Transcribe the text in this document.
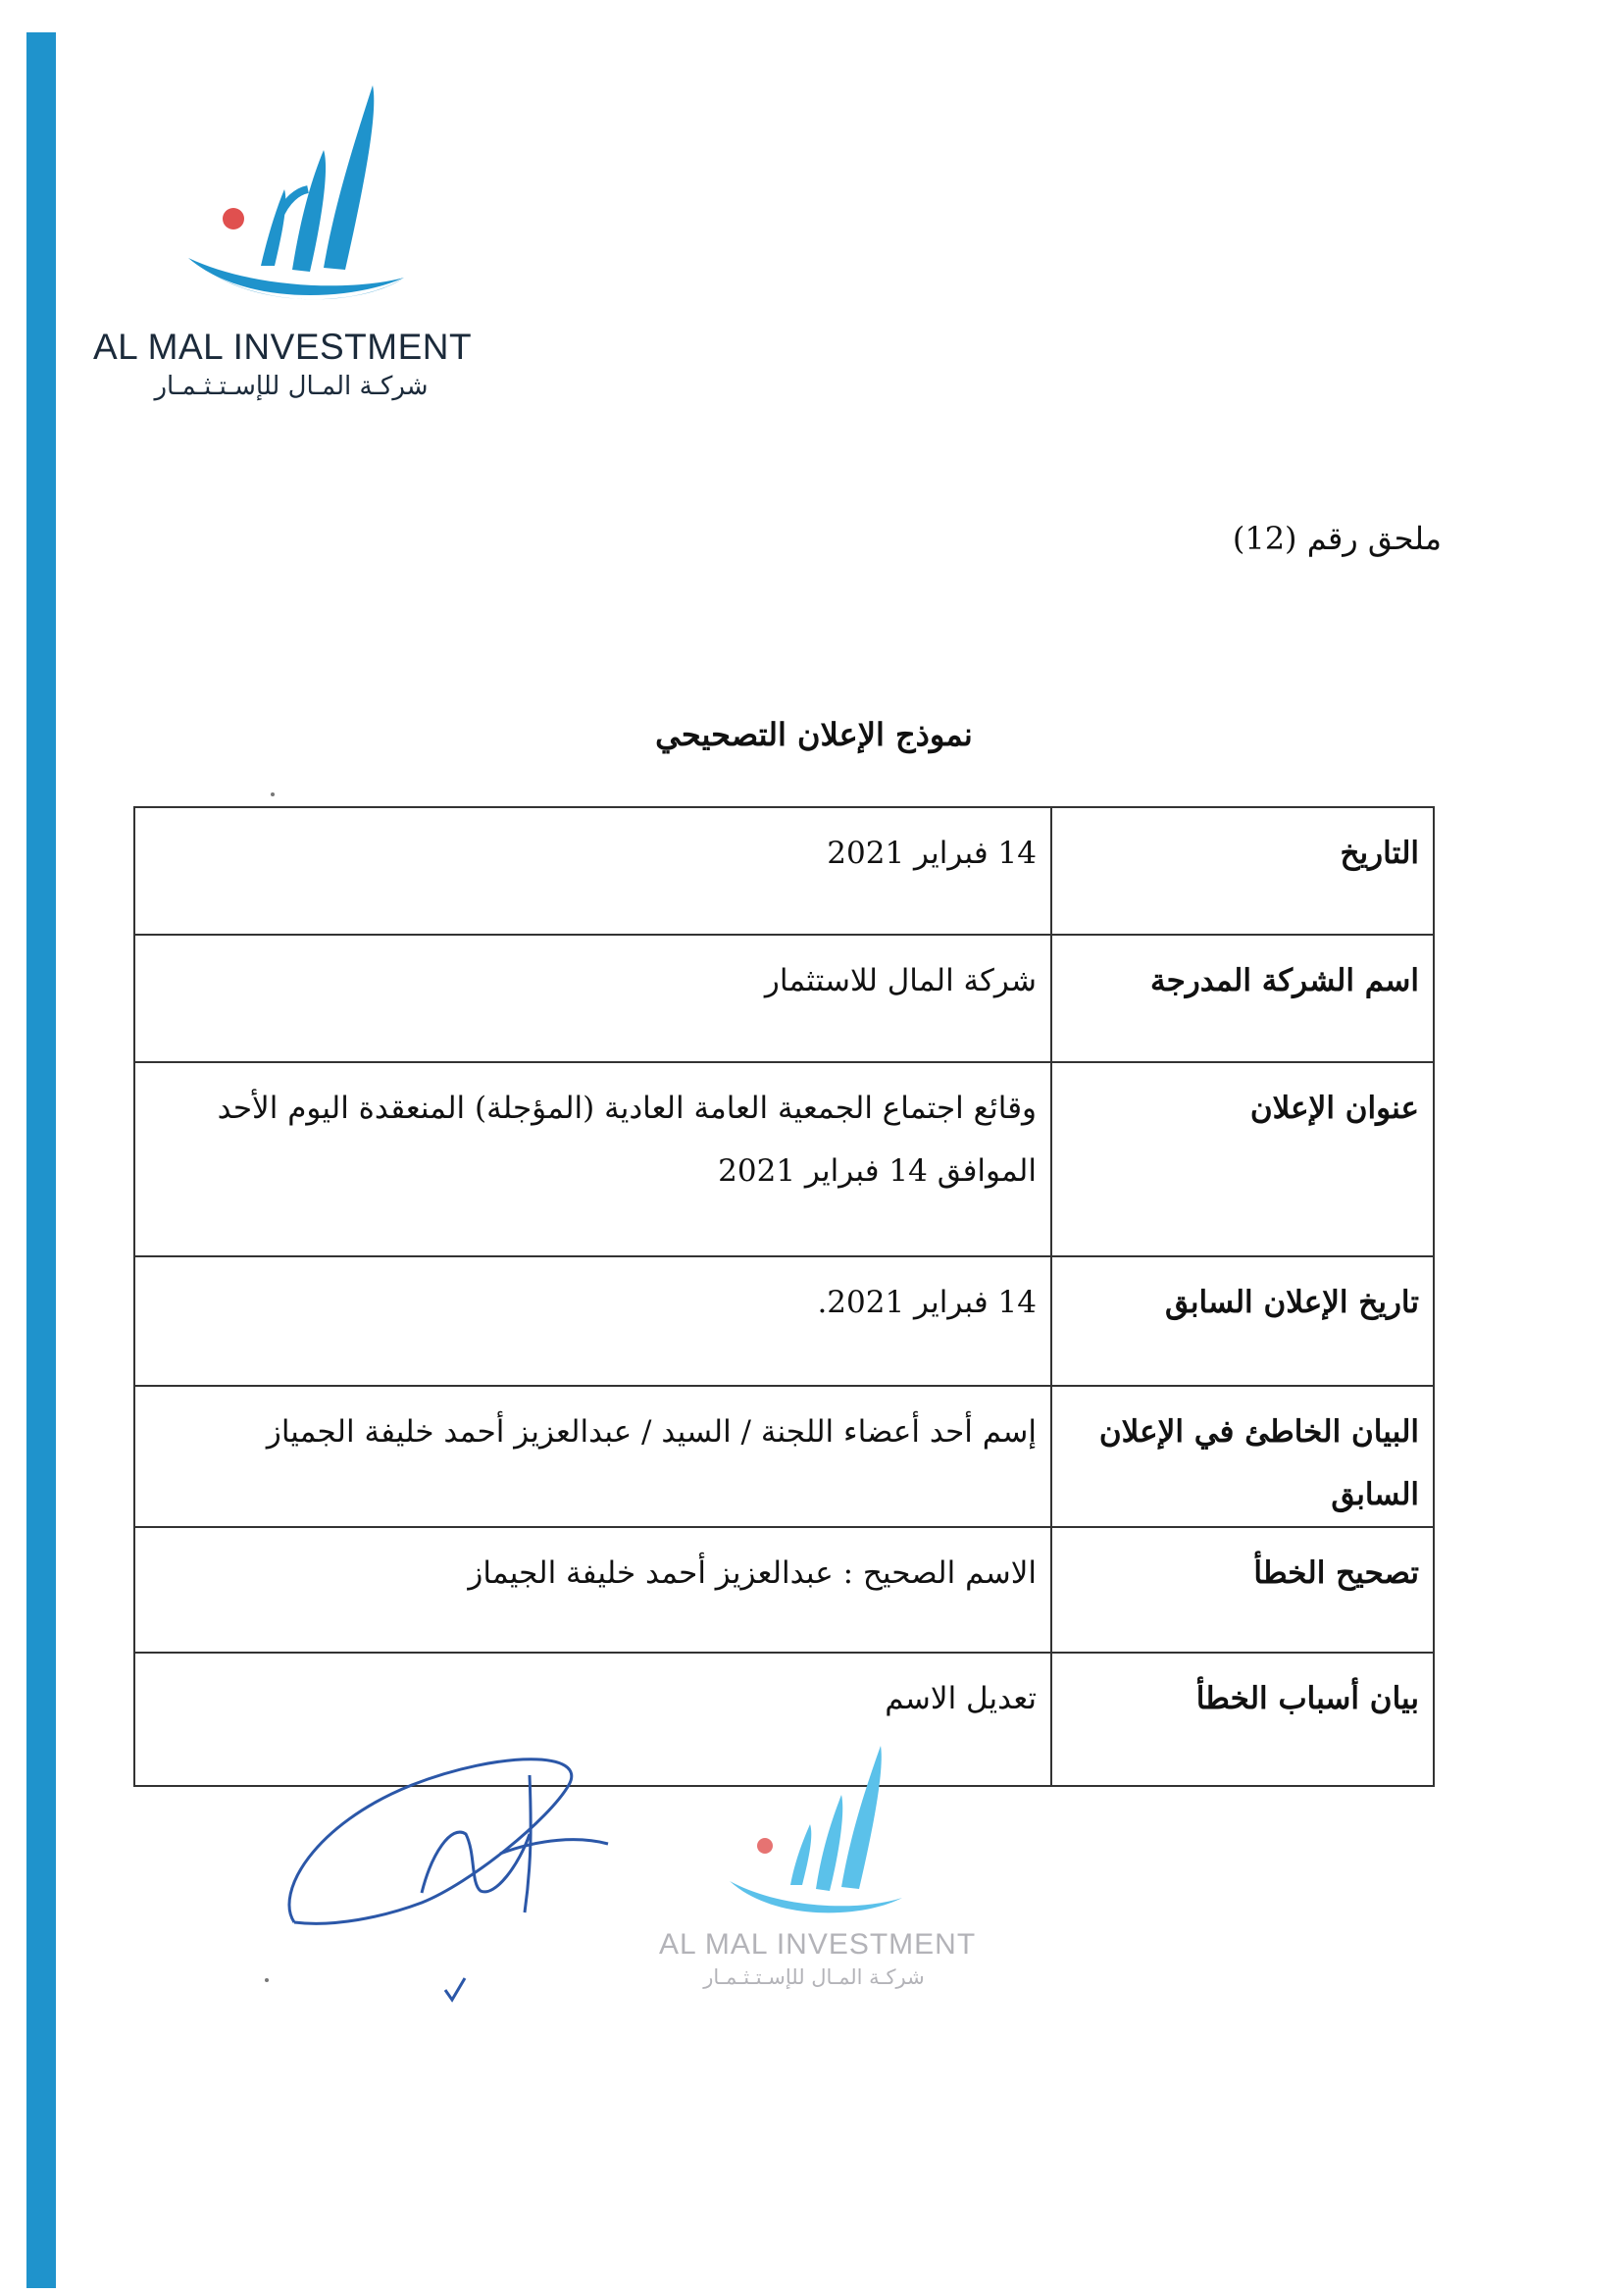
AL MAL INVESTMENT
شركـة المـال للإسـتـثـمـار
ملحق رقم (12)
نموذج الإعلان التصحيحي
التاريخ	14 فبراير 2021
اسم الشركة المدرجة	شركة المال للاستثمار
عنوان الإعلان	وقائع اجتماع الجمعية العامة العادية (المؤجلة) المنعقدة اليوم الأحد الموافق 14 فبراير 2021
تاريخ الإعلان السابق	14 فبراير 2021.
البيان الخاطئ في الإعلان السابق	إسم أحد أعضاء اللجنة / السيد / عبدالعزيز أحمد خليفة الجمياز
تصحيح الخطأ	الاسم الصحيح : عبدالعزيز أحمد خليفة الجيماز
بيان أسباب الخطأ	تعديل الاسم
AL MAL INVESTMENT
شركـة المـال للإسـتـثـمـار
